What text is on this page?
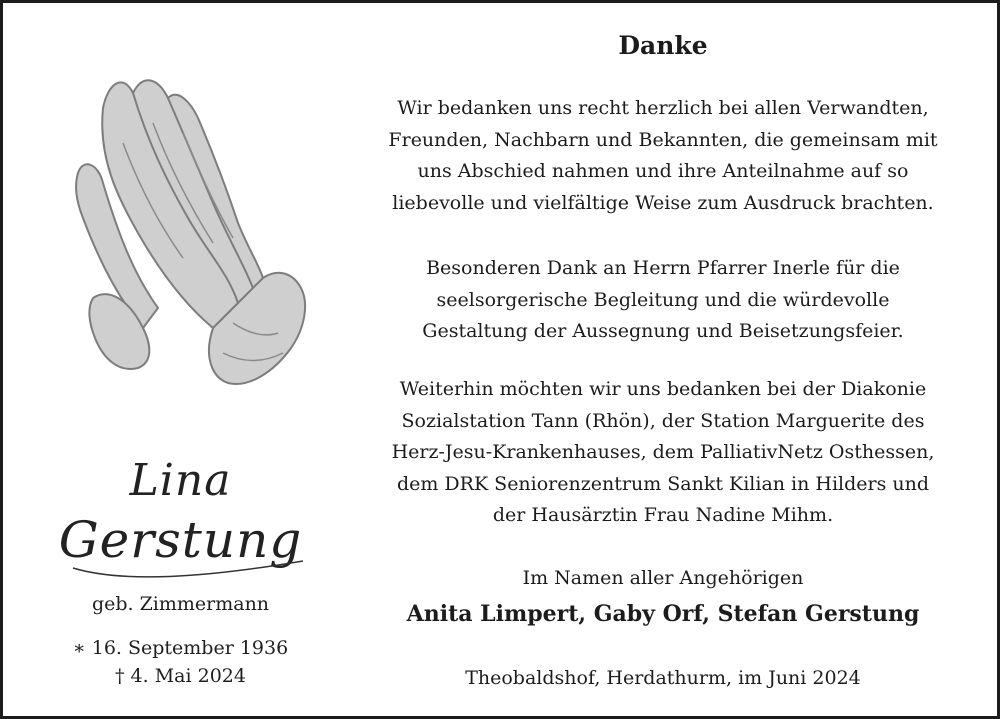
Lina
Gerstung
geb. Zimmermann
∗ 16. September 1936
† 4. Mai 2024
Danke
Wir bedanken uns recht herzlich bei allen Verwandten,
Freunden, Nachbarn und Bekannten, die gemeinsam mit
uns Abschied nahmen und ihre Anteilnahme auf so
liebevolle und vielfältige Weise zum Ausdruck brachten.
Besonderen Dank an Herrn Pfarrer Inerle für die
seelsorgerische Begleitung und die würdevolle
Gestaltung der Aussegnung und Beisetzungsfeier.
Weiterhin möchten wir uns bedanken bei der Diakonie
Sozialstation Tann (Rhön), der Station Marguerite des
Herz-Jesu-Krankenhauses, dem PalliativNetz Osthessen,
dem DRK Seniorenzentrum Sankt Kilian in Hilders und
der Hausärztin Frau Nadine Mihm.
Im Namen aller Angehörigen
Anita Limpert, Gaby Orf, Stefan Gerstung
Theobaldshof, Herdathurm, im Juni 2024
